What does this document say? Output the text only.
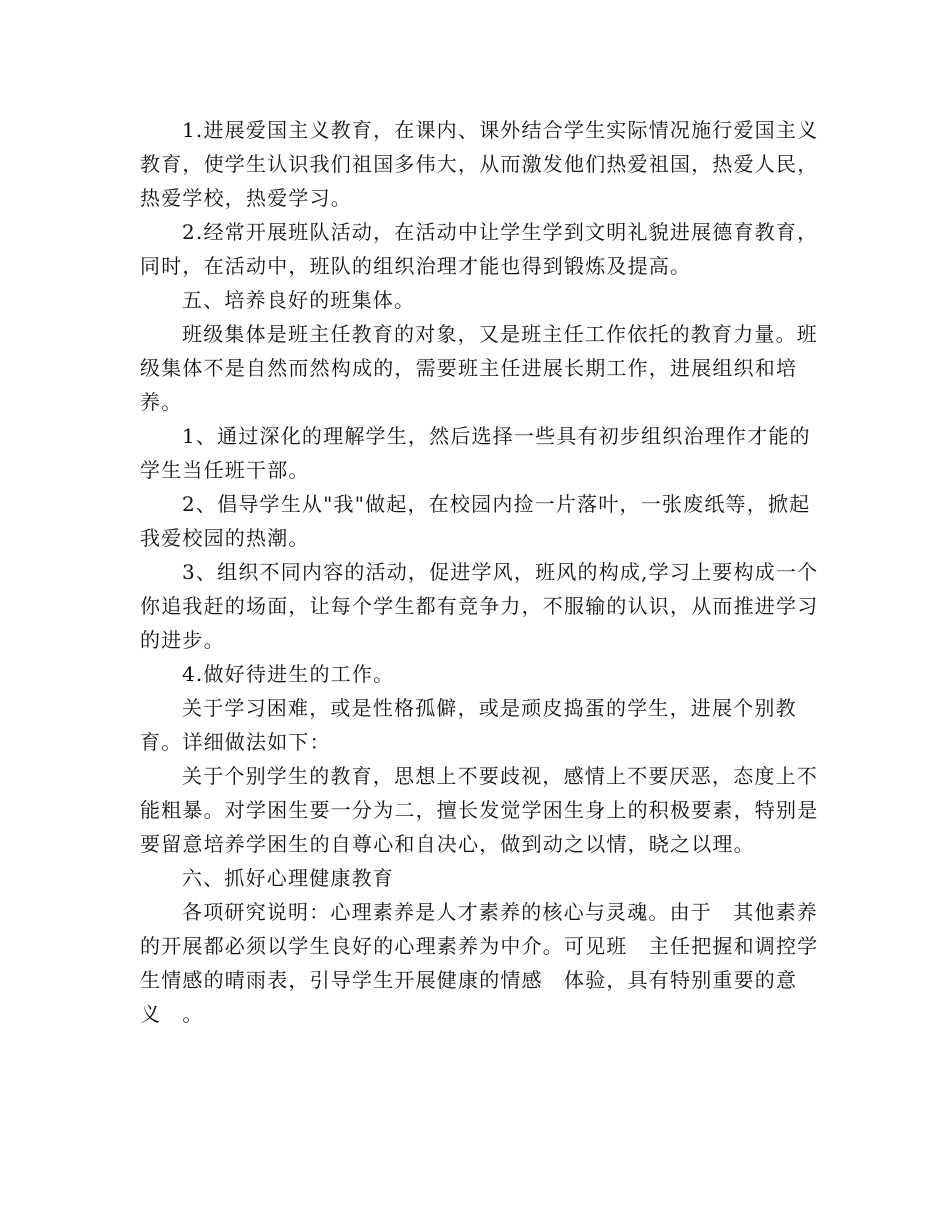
1.进展爱国主义教育，在课内、课外结合学生实际情况施行爱国主义教育，使学生认识我们祖国多伟大，从而激发他们热爱祖国，热爱人民，热爱学校，热爱学习。

2.经常开展班队活动，在活动中让学生学到文明礼貌进展德育教育，同时，在活动中，班队的组织治理才能也得到锻炼及提高。

五、培养良好的班集体。

班级集体是班主任教育的对象，又是班主任工作依托的教育力量。班级集体不是自然而然构成的，需要班主任进展长期工作，进展组织和培养。

1、通过深化的理解学生，然后选择一些具有初步组织治理作才能的学生当任班干部。

2、倡导学生从"我"做起，在校园内捡一片落叶，一张废纸等，掀起我爱校园的热潮。

3、组织不同内容的活动，促进学风，班风的构成,学习上要构成一个你追我赶的场面，让每个学生都有竞争力，不服输的认识，从而推进学习的进步。

4.做好待进生的工作。

关于学习困难，或是性格孤僻，或是顽皮捣蛋的学生，进展个别教育。详细做法如下：

关于个别学生的教育，思想上不要歧视，感情上不要厌恶，态度上不能粗暴。对学困生要一分为二，擅长发觉学困生身上的积极要素，特别是要留意培养学困生的自尊心和自决心，做到动之以情，晓之以理。

六、抓好心理健康教育

各项研究说明：心理素养是人才素养的核心与灵魂。由于　其他素养的开展都必须以学生良好的心理素养为中介。可见班　主任把握和调控学生情感的晴雨表，引导学生开展健康的情感　体验，具有特别重要的意义　。
